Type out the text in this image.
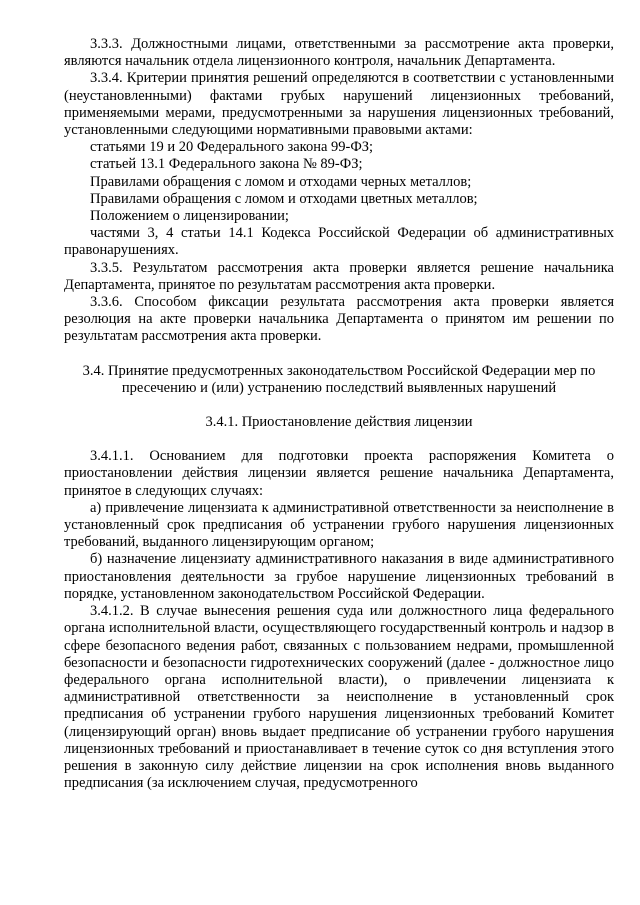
3.3.3. Должностными лицами, ответственными за рассмотрение акта проверки, являются начальник отдела лицензионного контроля, начальник Департамента.

3.3.4. Критерии принятия решений определяются в соответствии с установленными (неустановленными) фактами грубых нарушений лицензионных требований, применяемыми мерами, предусмотренными за нарушения лицензионных требований, установленными следующими нормативными правовыми актами:

статьями 19 и 20 Федерального закона 99-ФЗ;

статьей 13.1 Федерального закона № 89-ФЗ;

Правилами обращения с ломом и отходами черных металлов;

Правилами обращения с ломом и отходами цветных металлов;

Положением о лицензировании;

частями 3, 4 статьи 14.1 Кодекса Российской Федерации об административных правонарушениях.

3.3.5. Результатом рассмотрения акта проверки является решение начальника Департамента, принятое по результатам рассмотрения акта проверки.

3.3.6. Способом фиксации результата рассмотрения акта проверки является резолюция на акте проверки начальника Департамента о принятом им решении по результатам рассмотрения акта проверки.

3.4. Принятие предусмотренных законодательством Российской Федерации мер по пресечению и (или) устранению последствий выявленных нарушений

3.4.1. Приостановление действия лицензии

3.4.1.1. Основанием для подготовки проекта распоряжения Комитета о приостановлении действия лицензии является решение начальника Департамента, принятое в следующих случаях:

а) привлечение лицензиата к административной ответственности за неисполнение в установленный срок предписания об устранении грубого нарушения лицензионных требований, выданного лицензирующим органом;

б) назначение лицензиату административного наказания в виде административного приостановления деятельности за грубое нарушение лицензионных требований в порядке, установленном законодательством Российской Федерации.

3.4.1.2. В случае вынесения решения суда или должностного лица федерального органа исполнительной власти, осуществляющего государственный контроль и надзор в сфере безопасного ведения работ, связанных с пользованием недрами, промышленной безопасности и безопасности гидротехнических сооружений (далее - должностное лицо федерального органа исполнительной власти), о привлечении лицензиата к административной ответственности за неисполнение в установленный срок предписания об устранении грубого нарушения лицензионных требований Комитет (лицензирующий орган) вновь выдает предписание об устранении грубого нарушения лицензионных требований и приостанавливает в течение суток со дня вступления этого решения в законную силу действие лицензии на срок исполнения вновь выданного предписания (за исключением случая, предусмотренного
